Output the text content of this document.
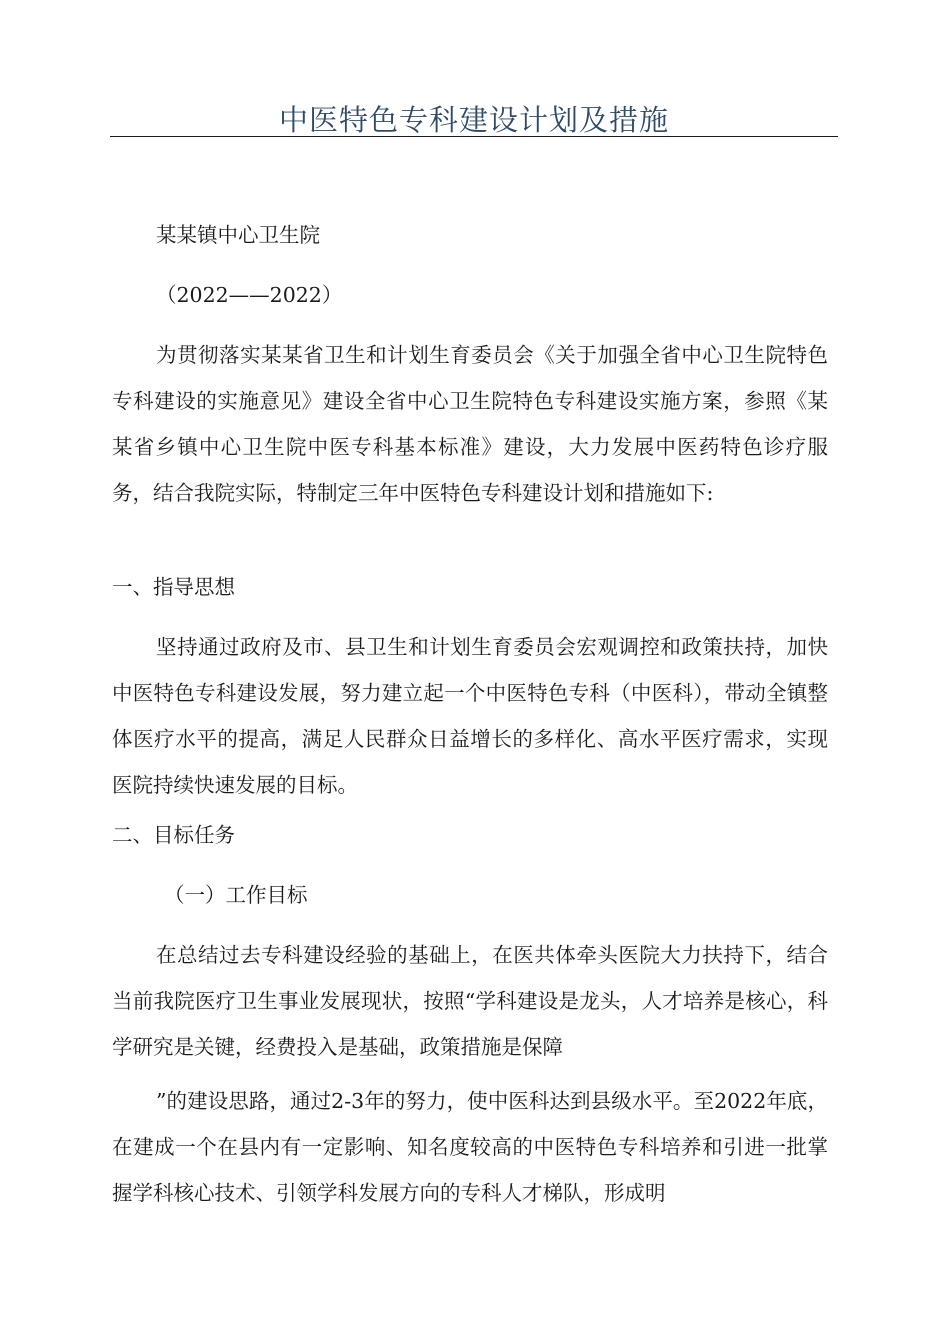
中医特色专科建设计划及措施

某某镇中心卫生院

（2022——2022）

为贯彻落实某某省卫生和计划生育委员会《关于加强全省中心卫生院特色专科建设的实施意见》建设全省中心卫生院特色专科建设实施方案，参照《某某省乡镇中心卫生院中医专科基本标准》建设，大力发展中医药特色诊疗服务，结合我院实际，特制定三年中医特色专科建设计划和措施如下:

一、指导思想

坚持通过政府及市、县卫生和计划生育委员会宏观调控和政策扶持，加快中医特色专科建设发展，努力建立起一个中医特色专科（中医科），带动全镇整体医疗水平的提高，满足人民群众日益增长的多样化、高水平医疗需求，实现医院持续快速发展的目标。

二、目标任务

（一）工作目标

在总结过去专科建设经验的基础上，在医共体牵头医院大力扶持下，结合当前我院医疗卫生事业发展现状，按照“学科建设是龙头，人才培养是核心，科学研究是关键，经费投入是基础，政策措施是保障

”的建设思路，通过2-3年的努力，使中医科达到县级水平。至2022年底，在建成一个在县内有一定影响、知名度较高的中医特色专科培养和引进一批掌握学科核心技术、引领学科发展方向的专科人才梯队，形成明
